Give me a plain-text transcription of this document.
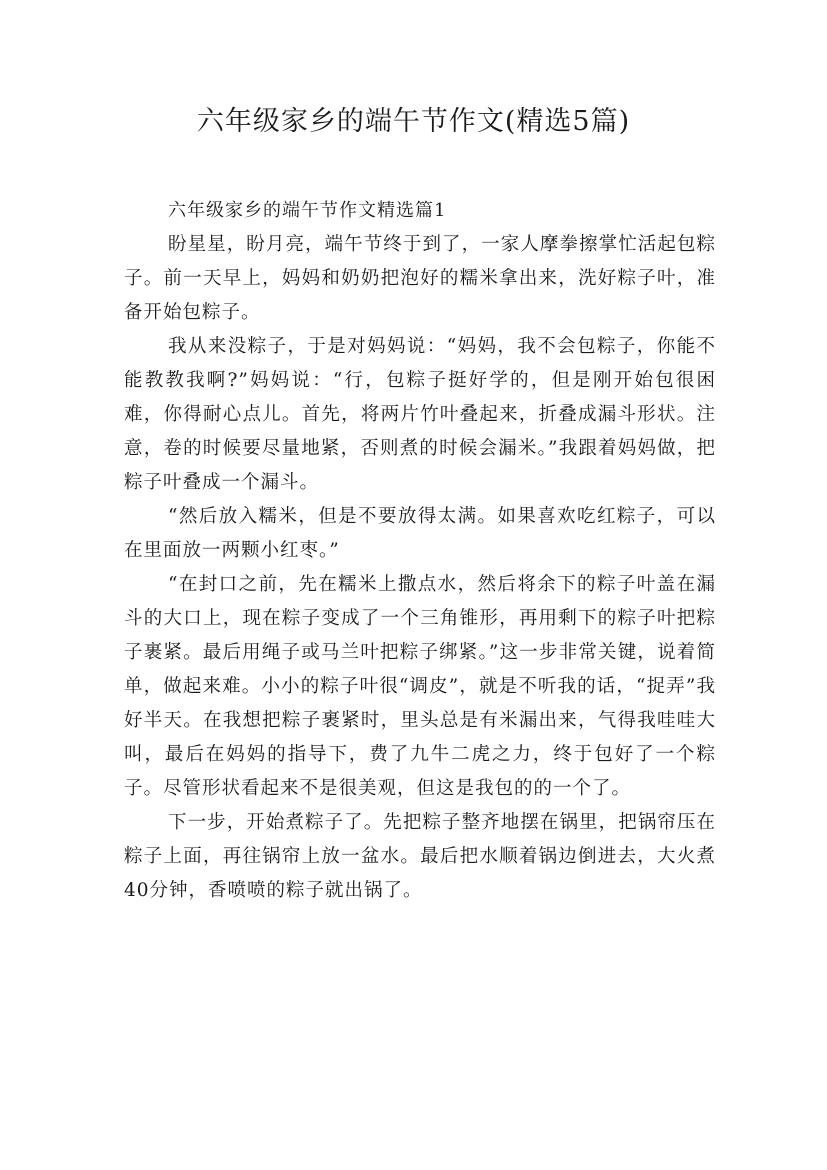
六年级家乡的端午节作文(精选5篇)

六年级家乡的端午节作文精选篇1

盼星星，盼月亮，端午节终于到了，一家人摩拳擦掌忙活起包粽子。前一天早上，妈妈和奶奶把泡好的糯米拿出来，洗好粽子叶，准备开始包粽子。

我从来没粽子，于是对妈妈说：“妈妈，我不会包粽子，你能不能教教我啊?”妈妈说：“行，包粽子挺好学的，但是刚开始包很困难，你得耐心点儿。首先，将两片竹叶叠起来，折叠成漏斗形状。注意，卷的时候要尽量地紧，否则煮的时候会漏米。”我跟着妈妈做，把粽子叶叠成一个漏斗。

“然后放入糯米，但是不要放得太满。如果喜欢吃红粽子，可以在里面放一两颗小红枣。”

“在封口之前，先在糯米上撒点水，然后将余下的粽子叶盖在漏斗的大口上，现在粽子变成了一个三角锥形，再用剩下的粽子叶把粽子裹紧。最后用绳子或马兰叶把粽子绑紧。”这一步非常关键，说着简单，做起来难。小小的粽子叶很“调皮”，就是不听我的话，“捉弄”我好半天。在我想把粽子裹紧时，里头总是有米漏出来，气得我哇哇大叫，最后在妈妈的指导下，费了九牛二虎之力，终于包好了一个粽子。尽管形状看起来不是很美观，但这是我包的的一个了。

下一步，开始煮粽子了。先把粽子整齐地摆在锅里，把锅帘压在粽子上面，再往锅帘上放一盆水。最后把水顺着锅边倒进去，大火煮40分钟，香喷喷的粽子就出锅了。
